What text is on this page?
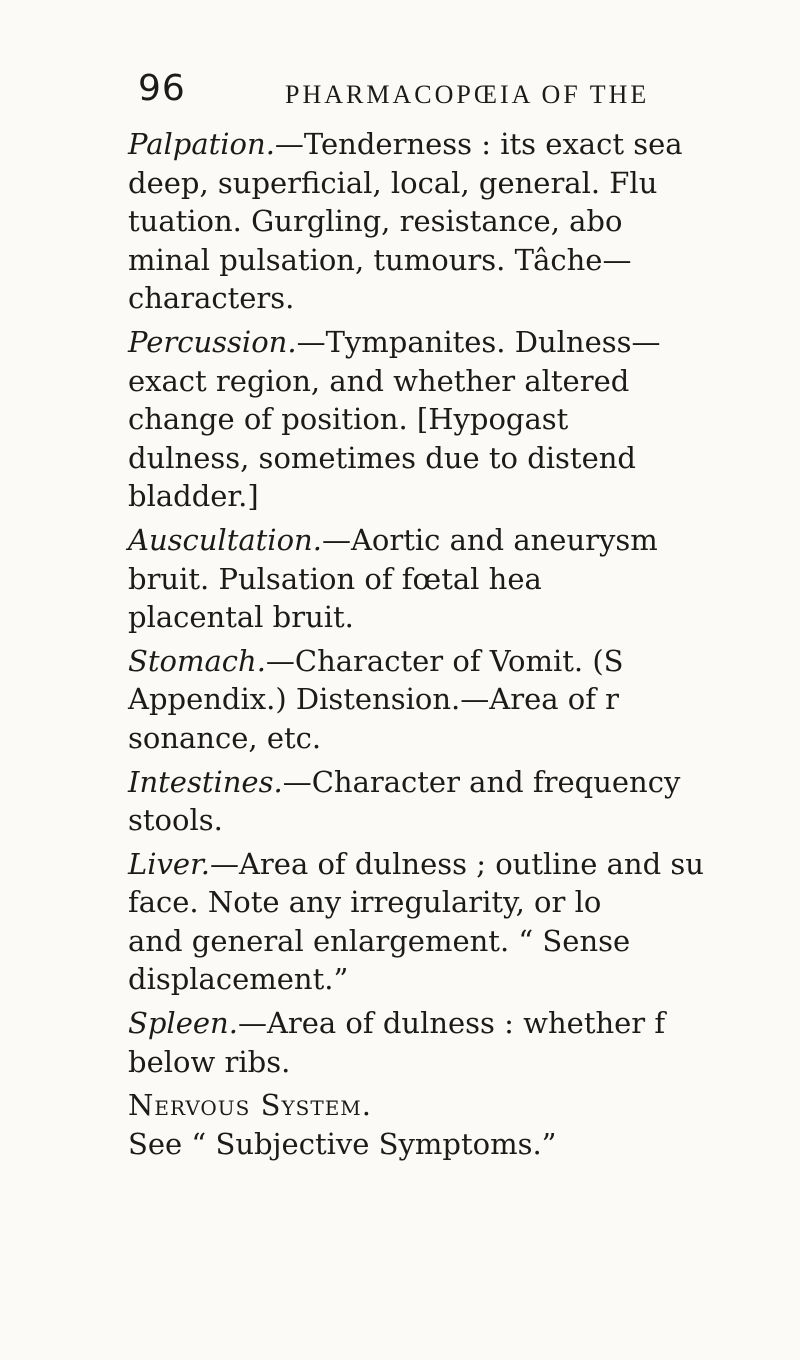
96	PHARMACOPŒIA OF THE

Palpation.—Tenderness : its exact sea
deep, superficial, local, general. Flu
tuation. Gurgling, resistance, abo
minal pulsation, tumours. Tâche—
characters.

Percussion.—Tympanites. Dulness—
exact region, and whether altered
change of position. [Hypogast
dulness, sometimes due to distend
bladder.]

Auscultation.—Aortic and aneurysm
bruit. Pulsation of fœtal hea
placental bruit.

Stomach.—Character of Vomit. (S
Appendix.) Distension.—Area of r
sonance, etc.

Intestines.—Character and frequency
stools.

Liver.—Area of dulness ; outline and su
face. Note any irregularity, or lo
and general enlargement. “ Sense
displacement.”

Spleen.—Area of dulness : whether f
below ribs.

Nervous System.
See “ Subjective Symptoms.”
